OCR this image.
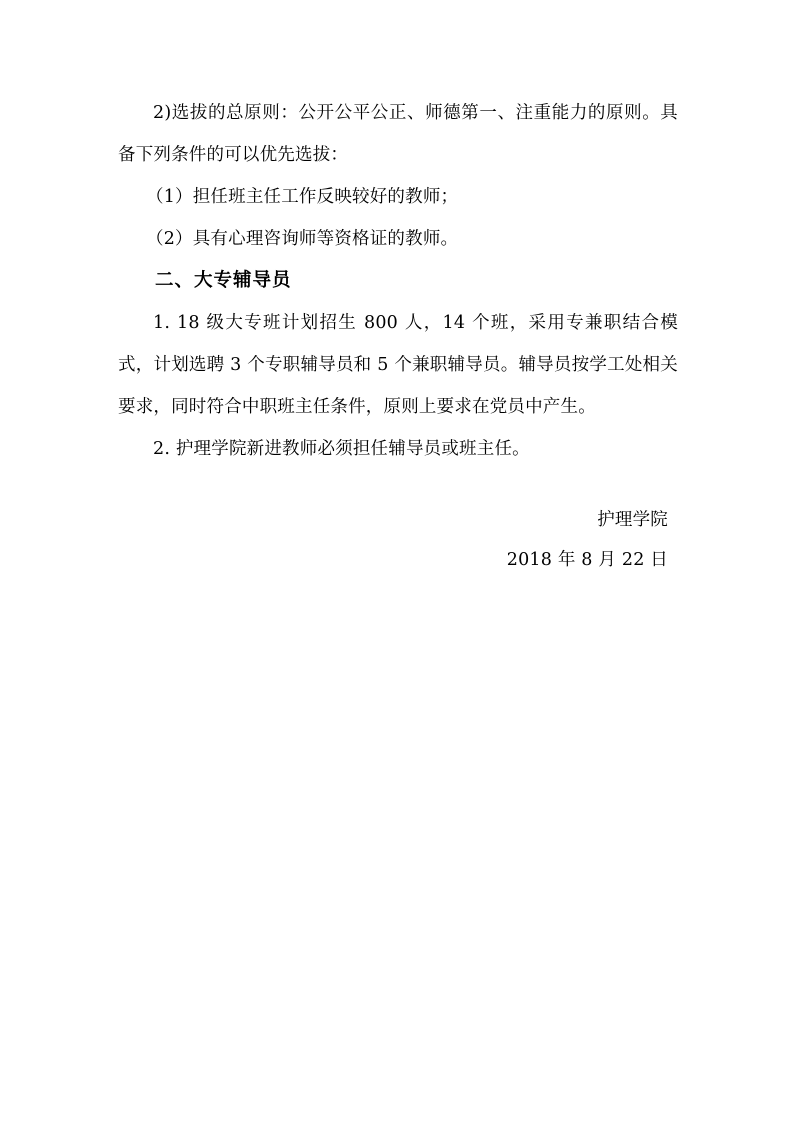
2)选拔的总原则：公开公平公正、师德第一、注重能力的原则。具备下列条件的可以优先选拔：

（1）担任班主任工作反映较好的教师；

（2）具有心理咨询师等资格证的教师。

二、大专辅导员

1. 18 级大专班计划招生 800 人，14 个班，采用专兼职结合模式，计划选聘 3 个专职辅导员和 5 个兼职辅导员。辅导员按学工处相关要求，同时符合中职班主任条件，原则上要求在党员中产生。

2. 护理学院新进教师必须担任辅导员或班主任。

护理学院

2018 年 8 月 22 日
